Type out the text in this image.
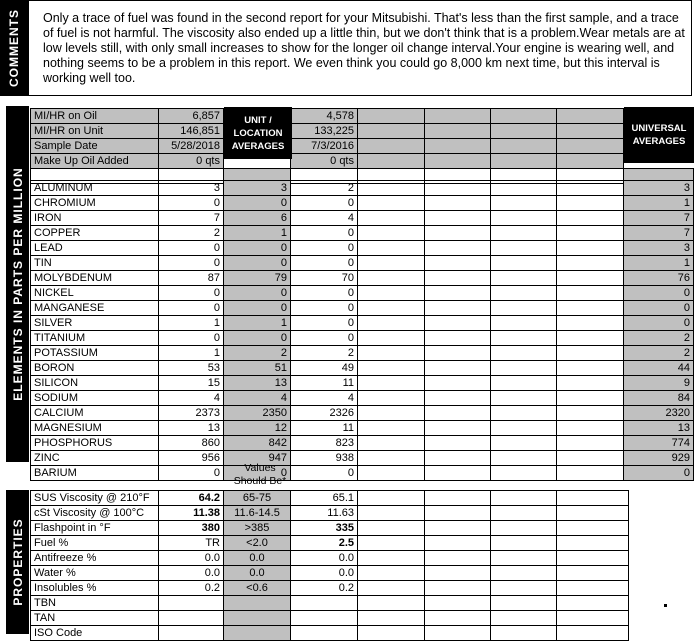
COMMENTS	Only a trace of fuel was found in the second report for your Mitsubishi. That's less than the first sample, and a trace of fuel is not harmful. The viscosity also ended up a little thin, but we don't think that is a problem.Wear metals are at low levels still, with only small increases to show for the longer oil change interval.Your engine is wearing well, and nothing seems to be a problem in this report. We even think you could go 8,000 km next time, but this interval is working well too.
ELEMENTS IN PARTS PER MILLION
MI/HR on Oil	6,857		4,578					
MI/HR on Unit	146,851		133,225					
Sample Date	5/28/2018		7/3/2016					
Make Up Oil Added	0 qts		0 qts					

UNIT / LOCATION AVERAGES
UNIVERSAL AVERAGES
ALUMINUM	3	3	2					3
CHROMIUM	0	0	0					1
IRON	7	6	4					7
COPPER	2	1	0					7
LEAD	0	0	0					3
TIN	0	0	0					1
MOLYBDENUM	87	79	70					76
NICKEL	0	0	0					0
MANGANESE	0	0	0					0
SILVER	1	1	0					0
TITANIUM	0	0	0					2
POTASSIUM	1	2	2					2
BORON	53	51	49					44
SILICON	15	13	11					9
SODIUM	4	4	4					84
CALCIUM	2373	2350	2326					2320
MAGNESIUM	13	12	11					13
PHOSPHORUS	860	842	823					774
ZINC	956	947	938					929
BARIUM	0	0	0					0
Values Should Be*
PROPERTIES
SUS Viscosity @ 210°F	64.2	65-75	65.1				
cSt Viscosity @ 100°C	11.38	11.6-14.5	11.63				
Flashpoint in °F	380	>385	335				
Fuel %	TR	<2.0	2.5				
Antifreeze %	0.0	0.0	0.0				
Water %	0.0	0.0	0.0				
Insolubles %	0.2	<0.6	0.2				
TBN							
TAN							
ISO Code							
